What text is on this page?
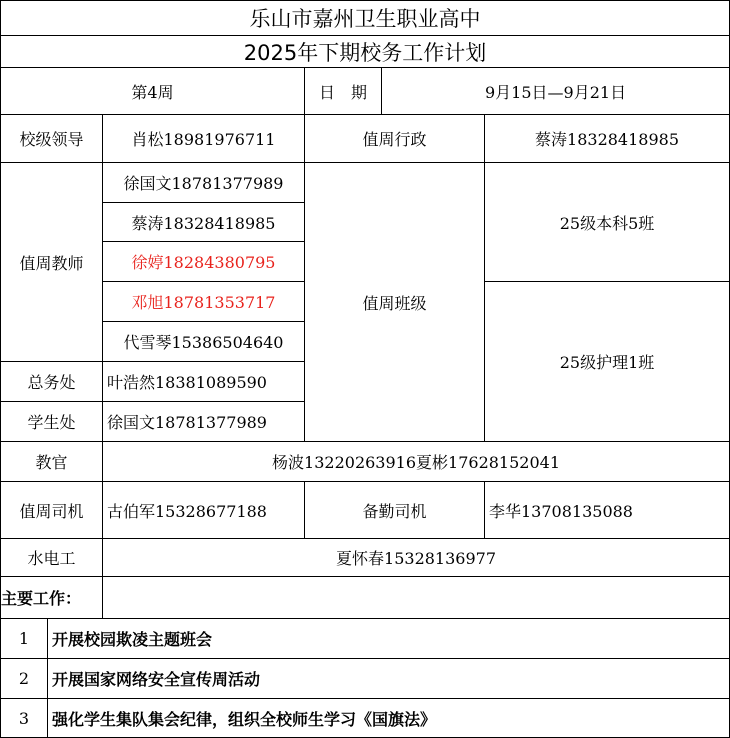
乐山市嘉州卫生职业高中					
2025年下期校务工作计划					
第4周			日　期	9月15日—9月21日	
校级领导		肖松18981976711	值周行政		蔡涛18328418985
值周教师		徐国文18781377989	值周班级		25级本科5班
		蔡涛18328418985			
		徐婷18284380795			
		邓旭18781353717			25级护理1班
		代雪琴15386504640			
总务处		叶浩然18381089590			
学生处		徐国文18781377989			
教官		杨波13220263916夏彬17628152041			
值周司机		古伯军15328677188	备勤司机		李华13708135088
水电工		夏怀春15328136977			
主要工作：					
1	开展校园欺凌主题班会				
2	开展国家网络安全宣传周活动				
3	强化学生集队集会纪律，组织全校师生学习《国旗法》				
